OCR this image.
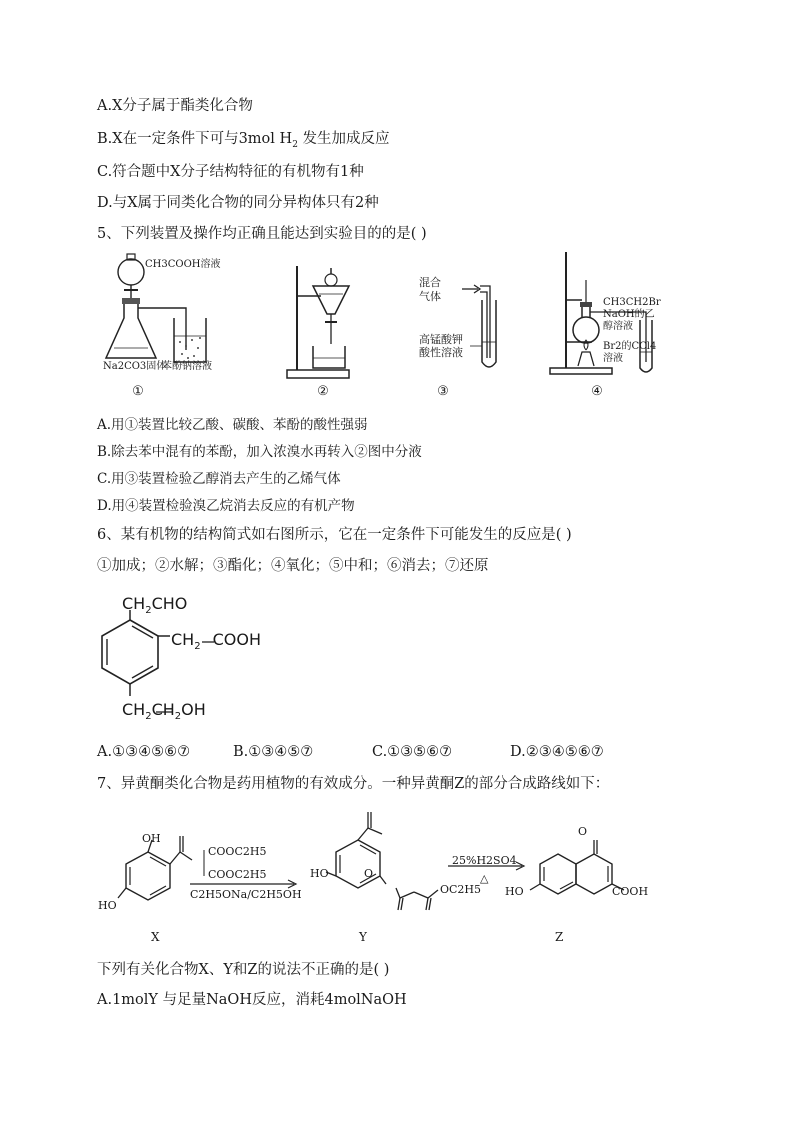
A.X分子属于酯类化合物
B.X在一定条件下可与3mol $H_2$ 发生加成反应
C.符合题中X分子结构特征的有机物有1种
D.与X属于同类化合物的同分异构体只有2种
5、下列装置及操作均正确且能达到实验目的的是( )
CH3COOH溶液
Na2CO3固体
苯酚钠溶液
①	②
混合
气体
高锰酸钾
酸性溶液
③
CH3CH2Br
NaOH的乙
醇溶液
Br2的CCl4
溶液
④
A.用①装置比较乙酸、碳酸、苯酚的酸性强弱
B.除去苯中混有的苯酚，加入浓溴水再转入②图中分液
C.用③装置检验乙醇消去产生的乙烯气体
D.用④装置检验溴乙烷消去反应的有机产物
6、某有机物的结构简式如右图所示，它在一定条件下可能发生的反应是( )
①加成；②水解；③酯化；④氧化；⑤中和；⑥消去；⑦还原
$CH_2CHO$
$CH_2$ COOH
$CH_2CH_2OH$
A.①③④⑤⑥⑦	B.①③④⑤⑦	C.①③⑤⑥⑦	D.②③④⑤⑥⑦
7、异黄酮类化合物是药用植物的有效成分。一种异黄酮Z的部分合成路线如下：
OH
HO
COOC2H5
COOC2H5
C2H5ONa/C2H5OH
HO	O
OC2H5
25%H2SO4
△
O
HO	COOH
X	Y	Z
下列有关化合物X、Y和Z的说法不正确的是( )
A.1molY 与足量NaOH反应，消耗4molNaOH
